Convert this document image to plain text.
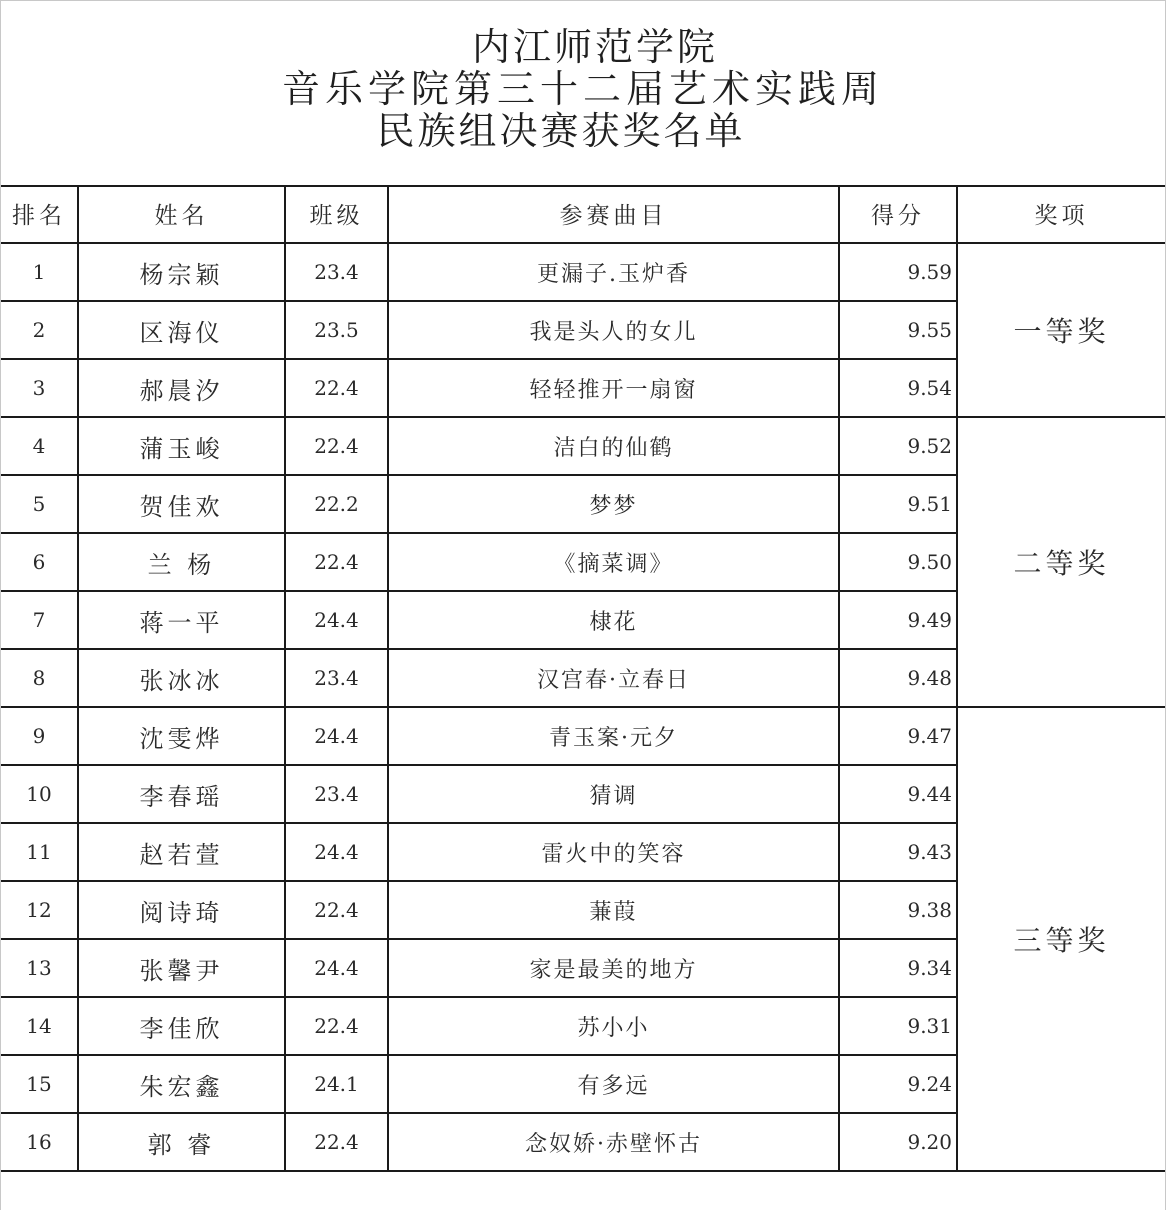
内江师范学院
音乐学院第三十二届艺术实践周
民族组决赛获奖名单
排名	姓名	班级	参赛曲目	得分	奖项
1	杨宗颖	23.4	更漏子.玉炉香	9.59	一等奖
2	区海仪	23.5	我是头人的女儿	9.55	
3	郝晨汐	22.4	轻轻推开一扇窗	9.54	
4	蒲玉峻	22.4	洁白的仙鹤	9.52	二等奖
5	贺佳欢	22.2	梦梦	9.51	
6	兰 杨	22.4	《摘菜调》	9.50	
7	蒋一平	24.4	棣花	9.49	
8	张冰冰	23.4	汉宫春·立春日	9.48	
9	沈雯烨	24.4	青玉案·元夕	9.47	三等奖
10	李春瑶	23.4	猜调	9.44	
11	赵若萱	24.4	雷火中的笑容	9.43	
12	阅诗琦	22.4	蒹葭	9.38	
13	张馨尹	24.4	家是最美的地方	9.34	
14	李佳欣	22.4	苏小小	9.31	
15	朱宏鑫	24.1	有多远	9.24	
16	郭 睿	22.4	念奴娇·赤壁怀古	9.20	
